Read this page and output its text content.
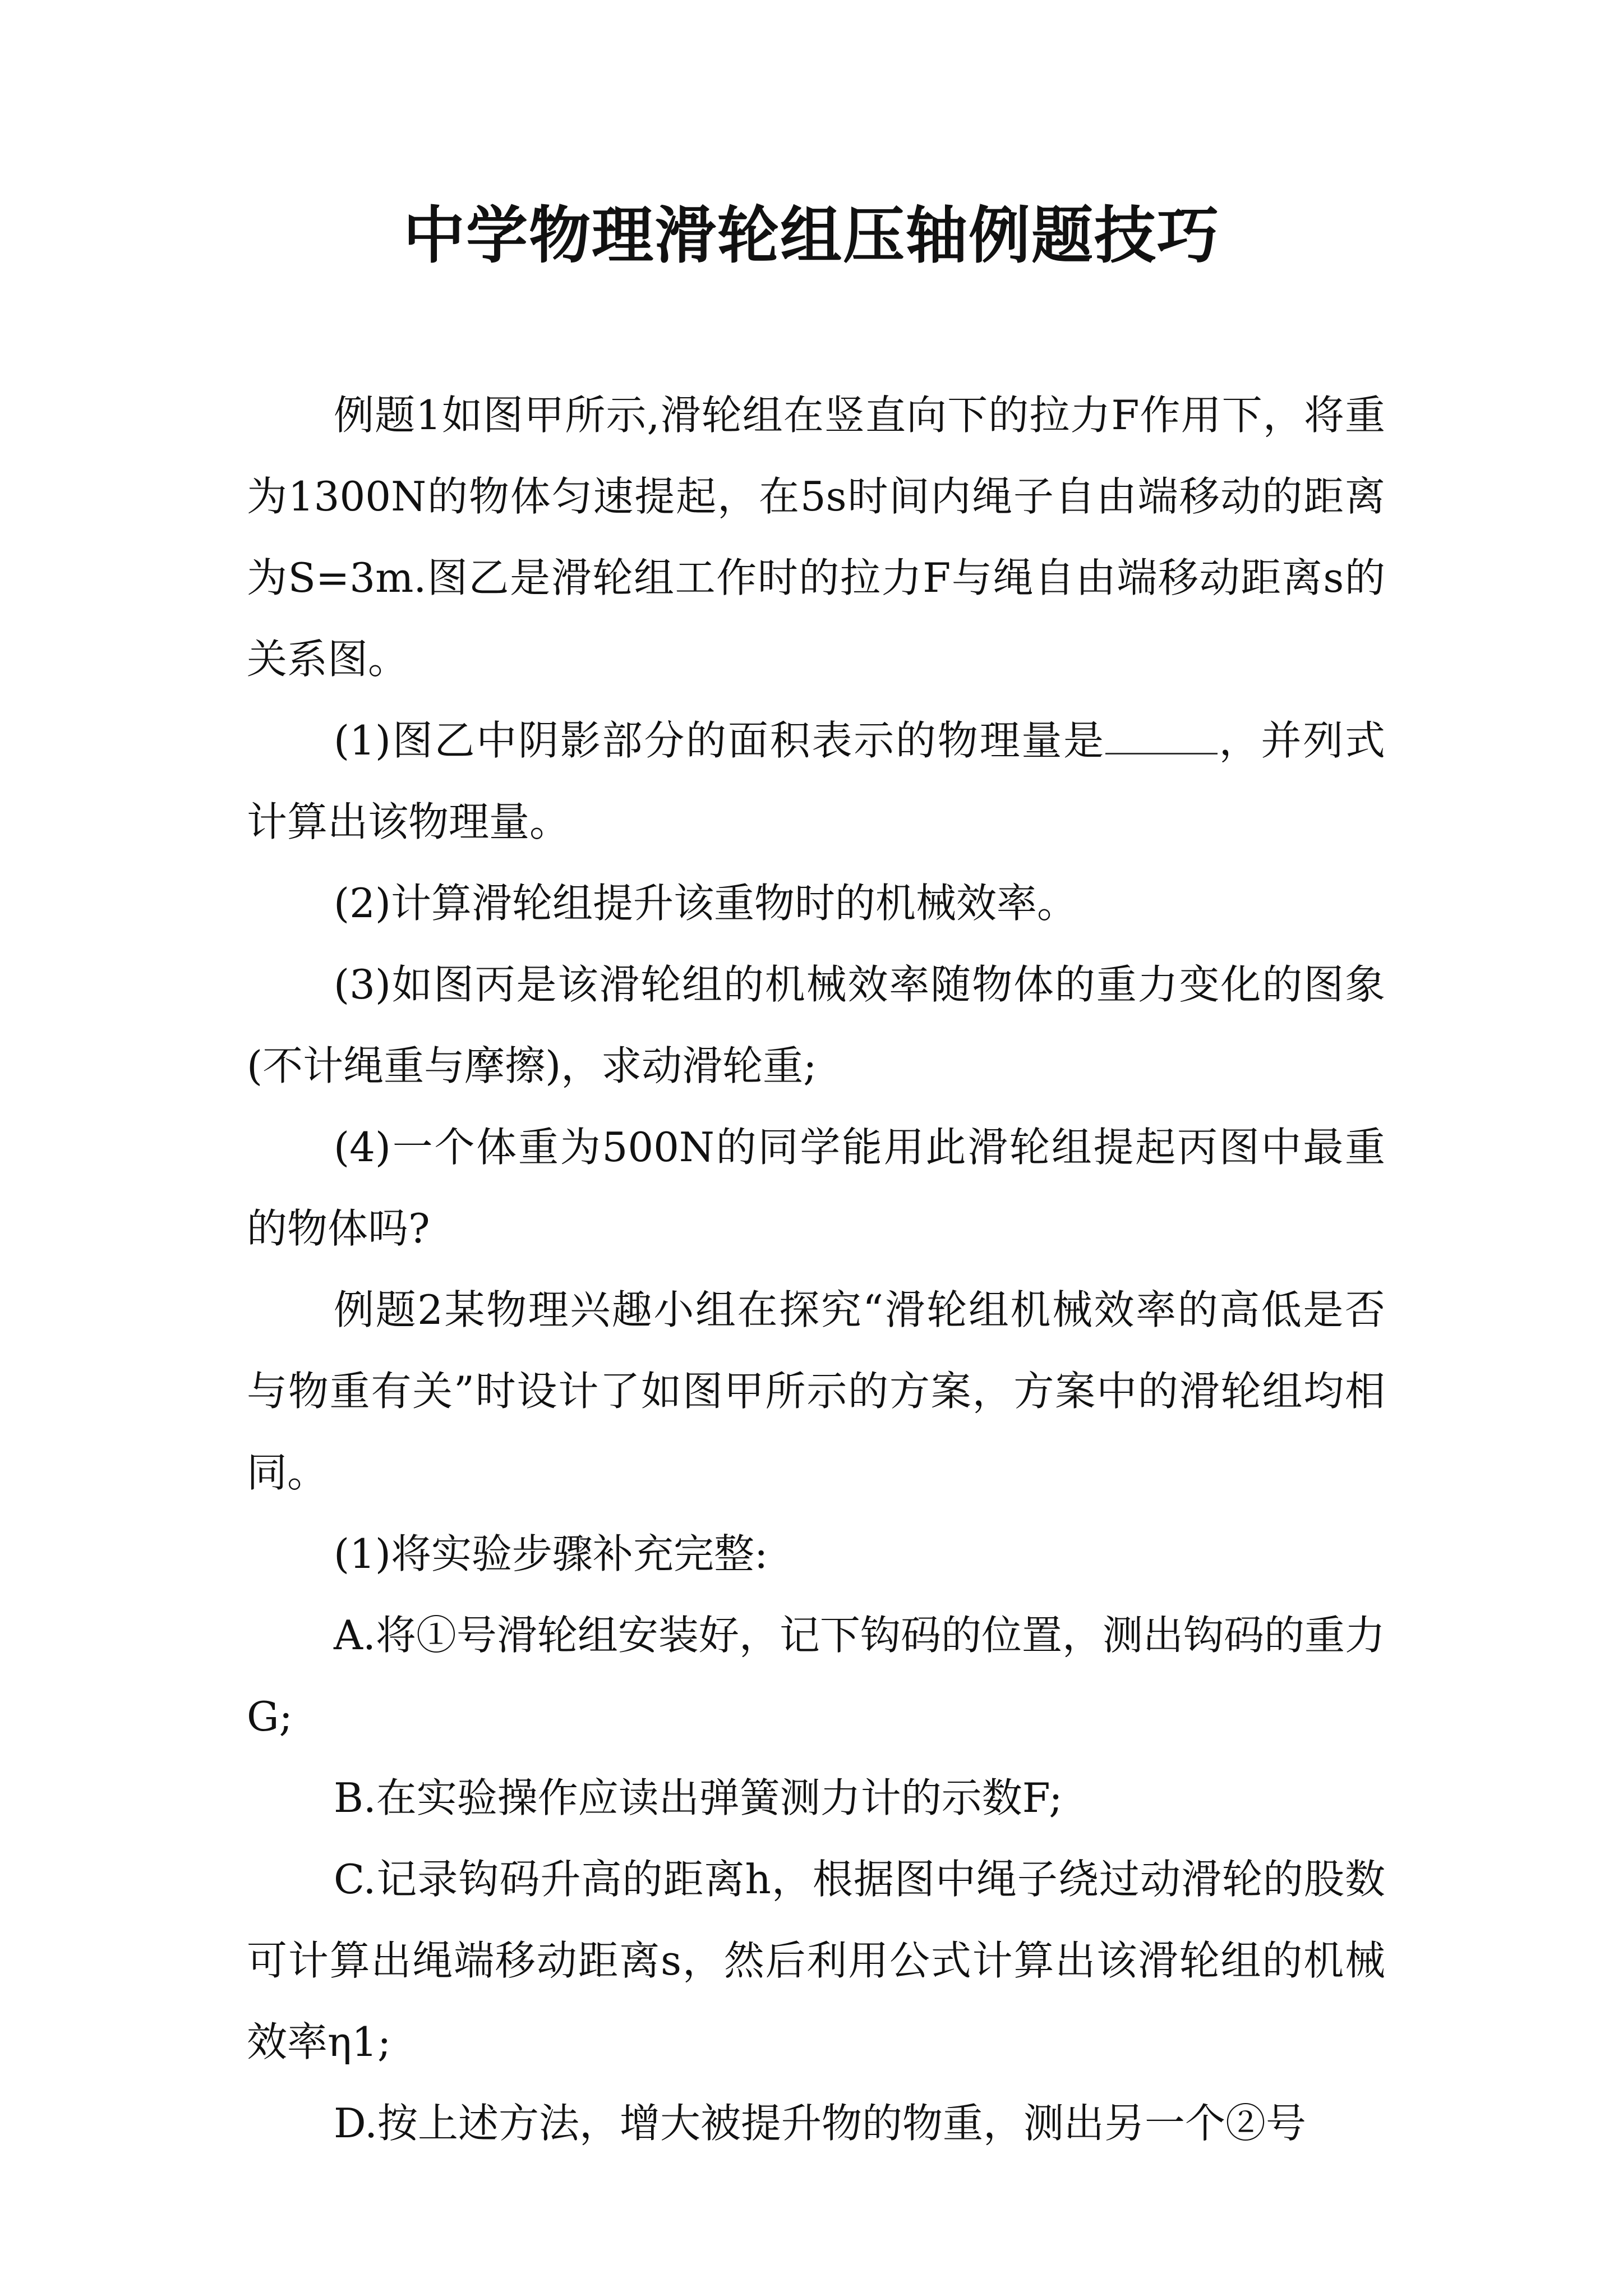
中学物理滑轮组压轴例题技巧

例题1如图甲所示,滑轮组在竖直向下的拉力F作用下，将重为1300N的物体匀速提起，在5s时间内绳子自由端移动的距离为S=3m.图乙是滑轮组工作时的拉力F与绳自由端移动距离s的关系图。

(1)图乙中阴影部分的面积表示的物理量是	，并列式计算出该物理量。

(2)计算滑轮组提升该重物时的机械效率。

(3)如图丙是该滑轮组的机械效率随物体的重力变化的图象(不计绳重与摩擦)，求动滑轮重;

(4)一个体重为500N的同学能用此滑轮组提起丙图中最重的物体吗?

例题2某物理兴趣小组在探究“滑轮组机械效率的高低是否与物重有关”时设计了如图甲所示的方案，方案中的滑轮组均相同。

(1)将实验步骤补充完整:

A.将①号滑轮组安装好，记下钩码的位置，测出钩码的重力G;

B.在实验操作应读出弹簧测力计的示数F;

C.记录钩码升高的距离h，根据图中绳子绕过动滑轮的股数可计算出绳端移动距离s，然后利用公式计算出该滑轮组的机械效率η1;

D.按上述方法，增大被提升物的物重，测出另一个②号
